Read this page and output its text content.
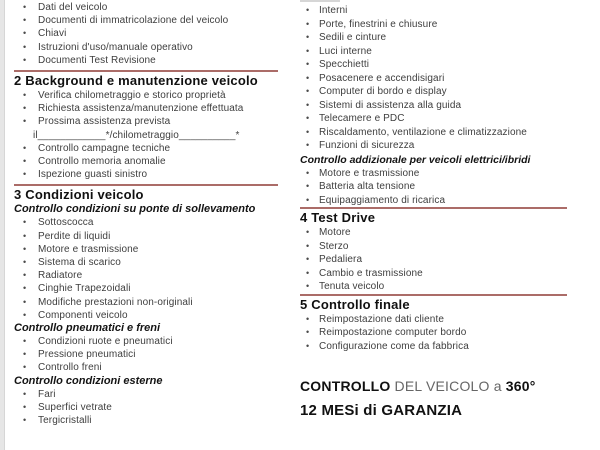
• Dati del veicolo
• Documenti di immatricolazione del veicolo
• Chiavi
• Istruzioni d'uso/manuale operativo
• Documenti Test Revisione
2 Background e manutenzione veicolo
• Verifica chilometraggio e storico proprietà
• Richiesta assistenza/manutenzione effettuata
• Prossima assistenza prevista
il____________*/chilometraggio__________*
• Controllo campagne tecniche
• Controllo memoria anomalie
• Ispezione guasti sinistro
3 Condizioni veicolo
Controllo condizioni su ponte di sollevamento
• Sottoscocca
• Perdite di liquidi
• Motore e trasmissione
• Sistema di scarico
• Radiatore
• Cinghie Trapezoidali
• Modifiche prestazioni non-originali
• Componenti veicolo
Controllo pneumatici e freni
• Condizioni ruote e pneumatici
• Pressione pneumatici
• Controllo freni
Controllo condizioni esterne
• Fari
• Superfici vetrate
• Tergicristalli
• Interni
• Porte, finestrini e chiusure
• Sedili e cinture
• Luci interne
• Specchietti
• Posacenere e accendisigari
• Computer di bordo e display
• Sistemi di assistenza alla guida
• Telecamere e PDC
• Riscaldamento, ventilazione e climatizzazione
• Funzioni di sicurezza
Controllo addizionale per veicoli elettrici/ibridi
• Motore e trasmissione
• Batteria alta tensione
• Equipaggiamento di ricarica
4 Test Drive
• Motore
• Sterzo
• Pedaliera
• Cambio e trasmissione
• Tenuta veicolo
5 Controllo finale
• Reimpostazione dati cliente
• Reimpostazione computer bordo
• Configurazione come da fabbrica
CONTROLLO DEL VEICOLO a 360°
12 MESi di GARANZIA
